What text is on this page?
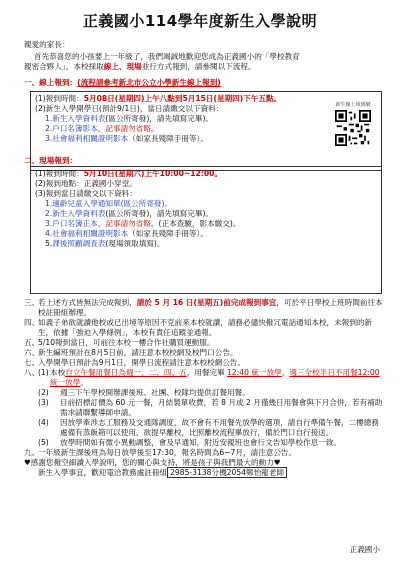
正義國小114學年度新生入學說明
親愛的家長：

首先恭喜您的小孩要上一年級了，我們竭誠地歡迎您成為正義國小的「學校教育

親密合夥人」，本校採取線上、現場並行方式報到，請參閱以下流程。

一、線上報到：(流程請參考新北市公立小學新生線上報到)
(1)報到時間：5月08日(星期四)上午八點到5月15日(星期四)下午五點。
(2)新生入學開學日(預計9/1日)，當日請繳交以下資料：
1.新生入學資料表(區公所寄發)，請先填寫完畢)。
2.戶口名簿影本，記事請勿省略。
3.社會福利相關證明影本（如家長殘障手冊等）。
新生線上報到網
二、現場報到：
(1)報到時間：5月10日(星期六)上午10:00~12:00。
(2)報到地點：正義國小穿堂。
(3)報到當日請繳交以下資料：
1.適齡兒童入學通知單(區公所寄發)。
2.新生入學資料表(區公所寄發)，請先填寫完畢)。
3.戶口名簿正本，記事請勿省略。(正本查驗，影本繳交)。
4.社會福利相關證明影本（如家長殘障手冊等）。
5.課後照顧調查表(現場領取填寫)。
三、
若上述方式皆無法完成報到，請於 5 月 16 日(星期五)前完成報到事宜，可於平日學校上班時間前往本校註冊組辦理。
四、
如義子弟欲就讀他校或已出境等原因不克前來本校就讀，請務必儘快撥冗電話通知本校，未報到的新生，依據「強迫入學條例」，本校有責任追蹤並通報。
五、
5/10報到當日，可前往本校一樓合作社購買運動服。
六、
新生編班預計在8月5日前，請注意本校校網及校門口公告。
七、
入學開學日預計為9月1日，開學日流程請注意本校校網公告。
八、
(1) 本校自立午餐用餐日為週一、二、四、五，用餐完畢 12:40 統一放學，週三全校半日不用餐12:00統一放學。
(2)	週三下午學校開辦課後班、社團、校隊均提供訂餐用餐。
(3)	目前招標訂價為 60 元一餐，月結製單收費，若 8 月或 2 月僅幾日用餐會與下月合併，若有補助需求請聯繫導師申請。
(4)	因放學牽涉志工服務及交通隊調度，故不會有不用餐先放學的選項，請自行準備午餐，二樓總務處備有蒸飯箱可以使用，欲提早離校，比照離校流程畢放行，備於門口自行接送。
(5)	放學時間如有微小異動調整，會及早通知，附近安親班也會行文告知學校作息一致。
九、
一年級新生課後班為每日放學後至17:30，報名時間為6~7月，請注意公告。
♥感謝您撥空細讀入學說明，您的關心與支持，將是孩子與我們最大的動力♥
新生入學事宜，歡迎電洽教務處註冊組 2985-3138分機2054鄭怡龍老師
正義國小
